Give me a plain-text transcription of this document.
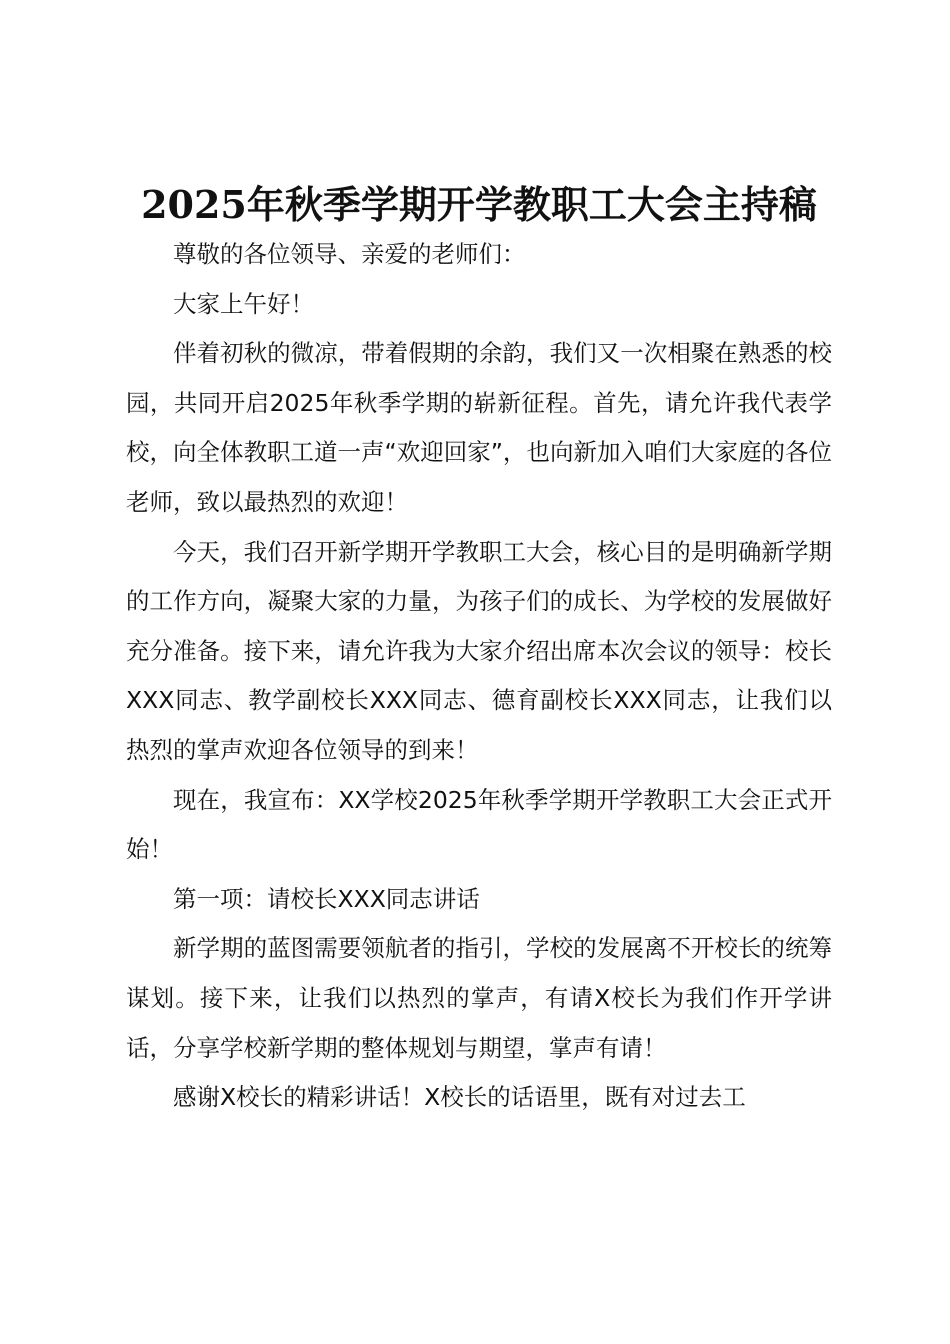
2025年秋季学期开学教职工大会主持稿

尊敬的各位领导、亲爱的老师们：

大家上午好！

伴着初秋的微凉，带着假期的余韵，我们又一次相聚在熟悉的校园，共同开启2025年秋季学期的崭新征程。首先，请允许我代表学校，向全体教职工道一声“欢迎回家”，也向新加入咱们大家庭的各位老师，致以最热烈的欢迎！

今天，我们召开新学期开学教职工大会，核心目的是明确新学期的工作方向，凝聚大家的力量，为孩子们的成长、为学校的发展做好充分准备。接下来，请允许我为大家介绍出席本次会议的领导：校长XXX同志、教学副校长XXX同志、德育副校长XXX同志，让我们以热烈的掌声欢迎各位领导的到来！

现在，我宣布：XX学校2025年秋季学期开学教职工大会正式开始！

第一项：请校长XXX同志讲话

新学期的蓝图需要领航者的指引，学校的发展离不开校长的统筹谋划。接下来，让我们以热烈的掌声，有请X校长为我们作开学讲话，分享学校新学期的整体规划与期望，掌声有请！

感谢X校长的精彩讲话！X校长的话语里，既有对过去工
